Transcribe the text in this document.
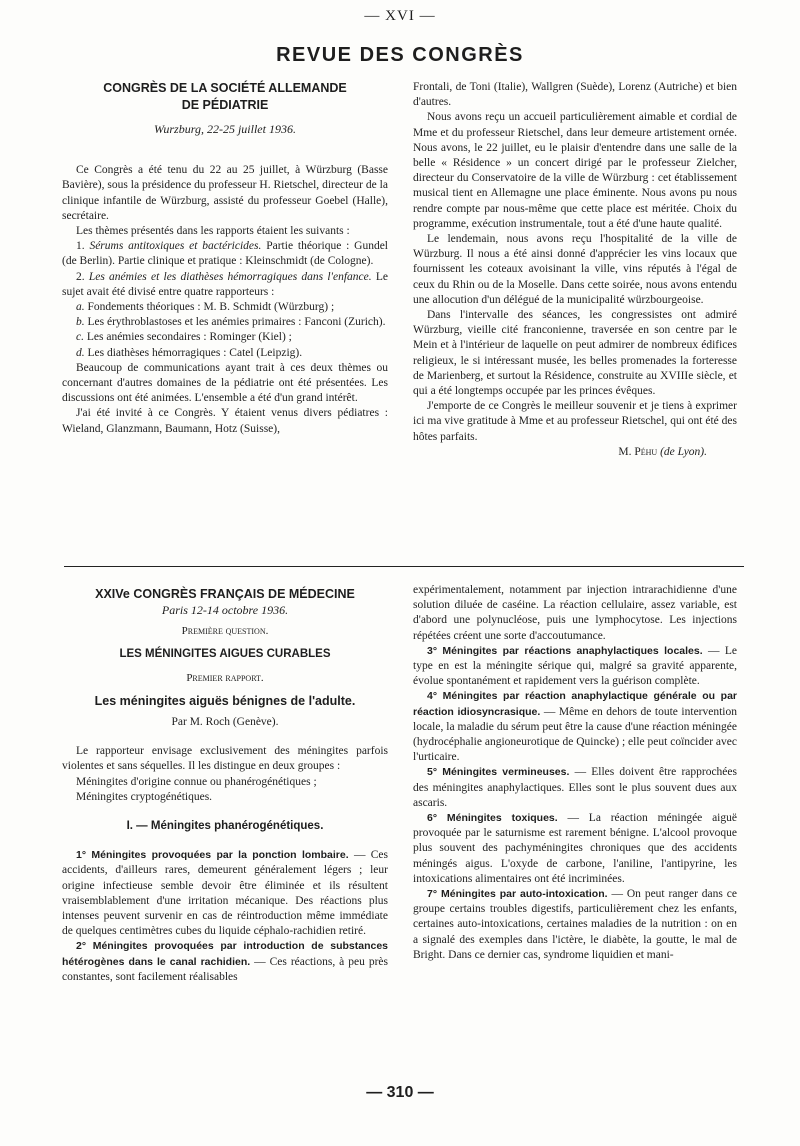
— XVI —
REVUE DES CONGRÈS
CONGRÈS DE LA SOCIÉTÉ ALLEMANDE
DE PÉDIATRIE
Wurzburg, 22-25 juillet 1936.

Ce Congrès a été tenu du 22 au 25 juillet, à Würzburg (Basse Bavière), sous la présidence du professeur H. Rietschel, directeur de la clinique infantile de Würzburg, assisté du professeur Goebel (Halle), secrétaire.

Les thèmes présentés dans les rapports étaient les suivants :

1. Sérums antitoxiques et bactéricides. Partie théorique : Gundel (de Berlin). Partie clinique et pratique : Kleinschmidt (de Cologne).

2. Les anémies et les diathèses hémorragiques dans l'enfance. Le sujet avait été divisé entre quatre rapporteurs :

a. Fondements théoriques : M. B. Schmidt (Würzburg) ;

b. Les érythroblastoses et les anémies primaires : Fanconi (Zurich).

c. Les anémies secondaires : Rominger (Kiel) ;

d. Les diathèses hémorragiques : Catel (Leipzig).

Beaucoup de communications ayant trait à ces deux thèmes ou concernant d'autres domaines de la pédiatrie ont été présentées. Les discussions ont été animées. L'ensemble a été d'un grand intérêt.

J'ai été invité à ce Congrès. Y étaient venus divers pédiatres : Wieland, Glanzmann, Baumann, Hotz (Suisse),

Frontali, de Toni (Italie), Wallgren (Suède), Lorenz (Autriche) et bien d'autres.

Nous avons reçu un accueil particulièrement aimable et cordial de Mme et du professeur Rietschel, dans leur demeure artistement ornée. Nous avons, le 22 juillet, eu le plaisir d'entendre dans une salle de la belle « Résidence » un concert dirigé par le professeur Zielcher, directeur du Conservatoire de la ville de Würzburg : cet établissement musical tient en Allemagne une place éminente. Nous avons pu nous rendre compte par nous-même que cette place est méritée. Choix du programme, exécution instrumentale, tout a été d'une haute qualité.

Le lendemain, nous avons reçu l'hospitalité de la ville de Würzburg. Il nous a été ainsi donné d'apprécier les vins locaux que fournissent les coteaux avoisinant la ville, vins réputés à l'égal de ceux du Rhin ou de la Moselle. Dans cette soirée, nous avons entendu une allocution d'un délégué de la municipalité würzbourgeoise.

Dans l'intervalle des séances, les congressistes ont admiré Würzburg, vieille cité franconienne, traversée en son centre par le Mein et à l'intérieur de laquelle on peut admirer de nombreux édifices religieux, le si intéressant musée, les belles promenades la forteresse de Marienberg, et surtout la Résidence, construite au XVIIIe siècle, et qui a été longtemps occupée par les princes évêques.

J'emporte de ce Congrès le meilleur souvenir et je tiens à exprimer ici ma vive gratitude à Mme et au professeur Rietschel, qui ont été des hôtes parfaits.

M. Péhu (de Lyon).
XXIVe CONGRÈS FRANÇAIS DE MÉDECINE
Paris 12-14 octobre 1936.
Première question.
LES MÉNINGITES AIGUES CURABLES
Premier rapport.
Les méningites aiguës bénignes de l'adulte.
Par M. Roch (Genève).

Le rapporteur envisage exclusivement des méningites parfois violentes et sans séquelles. Il les distingue en deux groupes :

Méningites d'origine connue ou phanérogénétiques ;

Méningites cryptogénétiques.

I. — Méningites phanérogénétiques.

1° Méningites provoquées par la ponction lombaire. — Ces accidents, d'ailleurs rares, demeurent généralement légers ; leur origine infectieuse semble devoir être éliminée et ils résultent vraisemblablement d'une irritation mécanique. Des réactions plus intenses peuvent survenir en cas de réintroduction même immédiate de quelques centimètres cubes du liquide céphalo-rachidien retiré.

2° Méningites provoquées par introduction de substances hétérogènes dans le canal rachidien. — Ces réactions, à peu près constantes, sont facilement réalisables

expérimentalement, notamment par injection intrarachidienne d'une solution diluée de caséine. La réaction cellulaire, assez variable, est d'abord une polynucléose, puis une lymphocytose. Les injections répétées créent une sorte d'accoutumance.

3° Méningites par réactions anaphylactiques locales. — Le type en est la méningite sérique qui, malgré sa gravité apparente, évolue spontanément et rapidement vers la guérison complète.

4° Méningites par réaction anaphylactique générale ou par réaction idiosyncrasique. — Même en dehors de toute intervention locale, la maladie du sérum peut être la cause d'une réaction méningée (hydrocéphalie angioneurotique de Quincke) ; elle peut coïncider avec l'urticaire.

5° Méningites vermineuses. — Elles doivent être rapprochées des méningites anaphylactiques. Elles sont le plus souvent dues aux ascaris.

6° Méningites toxiques. — La réaction méningée aiguë provoquée par le saturnisme est rarement bénigne. L'alcool provoque plus souvent des pachyméningites chroniques que des accidents méningés aigus. L'oxyde de carbone, l'aniline, l'antipyrine, les intoxications alimentaires ont été incriminées.

7° Méningites par auto-intoxication. — On peut ranger dans ce groupe certains troubles digestifs, particulièrement chez les enfants, certaines auto-intoxications, certaines maladies de la nutrition : on en a signalé des exemples dans l'ictère, le diabète, la goutte, le mal de Bright. Dans ce dernier cas, syndrome liquidien et mani-

— 310 —
